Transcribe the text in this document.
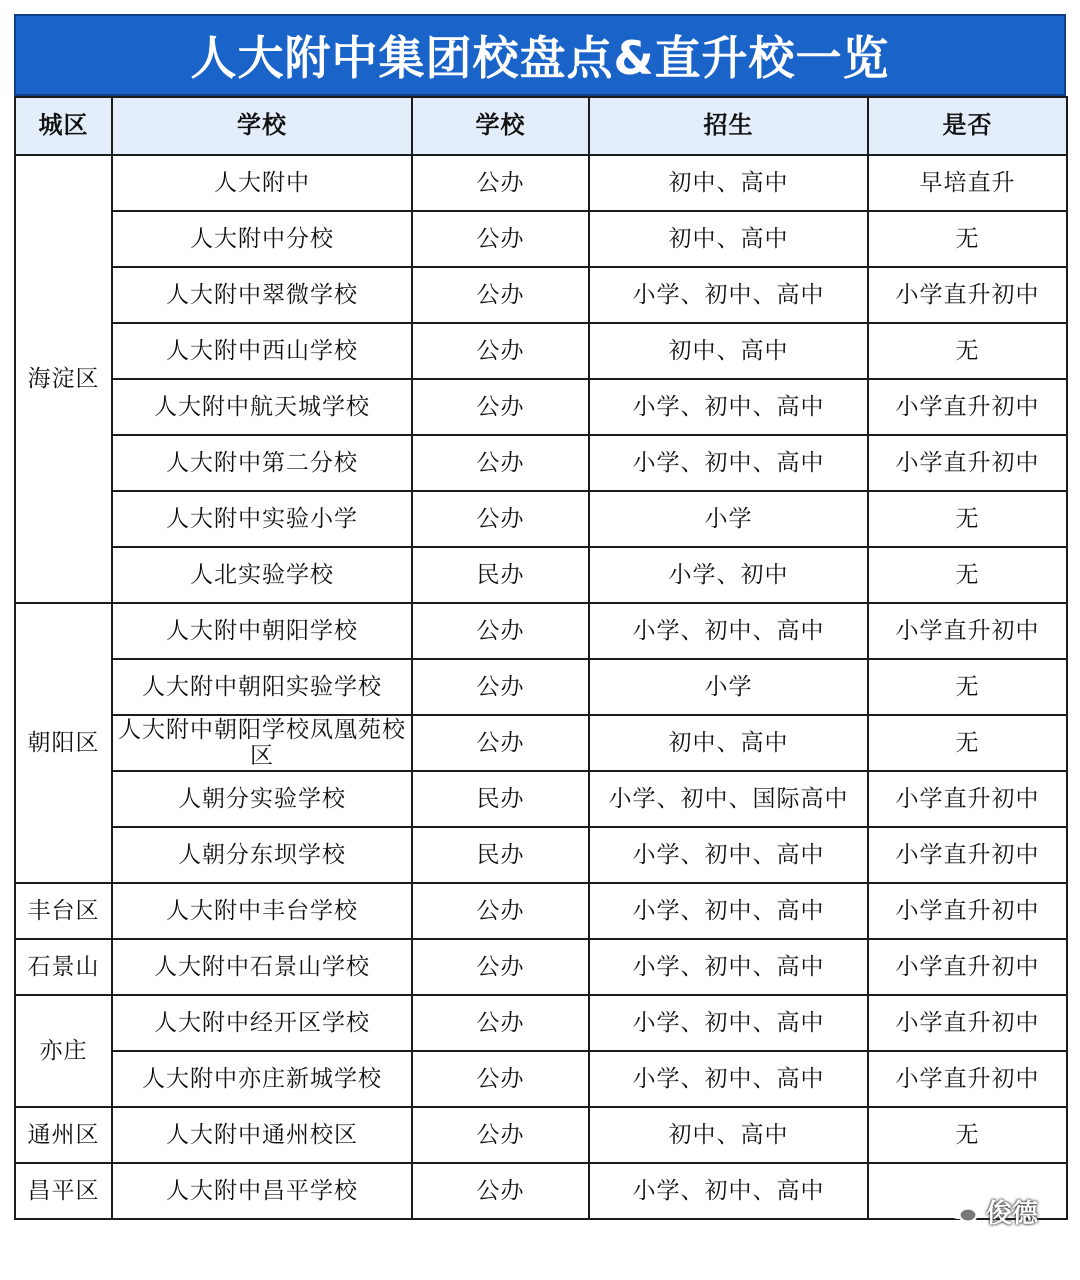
人大附中集团校盘点&直升校一览
城区	学校	学校	招生	是否
海淀区	人大附中	公办	初中、高中	早培直升
	人大附中分校	公办	初中、高中	无
	人大附中翠微学校	公办	小学、初中、高中	小学直升初中
	人大附中西山学校	公办	初中、高中	无
	人大附中航天城学校	公办	小学、初中、高中	小学直升初中
	人大附中第二分校	公办	小学、初中、高中	小学直升初中
	人大附中实验小学	公办	小学	无
	人北实验学校	民办	小学、初中	无
朝阳区	人大附中朝阳学校	公办	小学、初中、高中	小学直升初中
	人大附中朝阳实验学校	公办	小学	无
	人大附中朝阳学校凤凰苑校区	公办	初中、高中	无
	人朝分实验学校	民办	小学、初中、国际高中	小学直升初中
	人朝分东坝学校	民办	小学、初中、高中	小学直升初中
丰台区	人大附中丰台学校	公办	小学、初中、高中	小学直升初中
石景山	人大附中石景山学校	公办	小学、初中、高中	小学直升初中
亦庄	人大附中经开区学校	公办	小学、初中、高中	小学直升初中
	人大附中亦庄新城学校	公办	小学、初中、高中	小学直升初中
通州区	人大附中通州校区	公办	初中、高中	无
昌平区	人大附中昌平学校	公办	小学、初中、高中	
俊德
